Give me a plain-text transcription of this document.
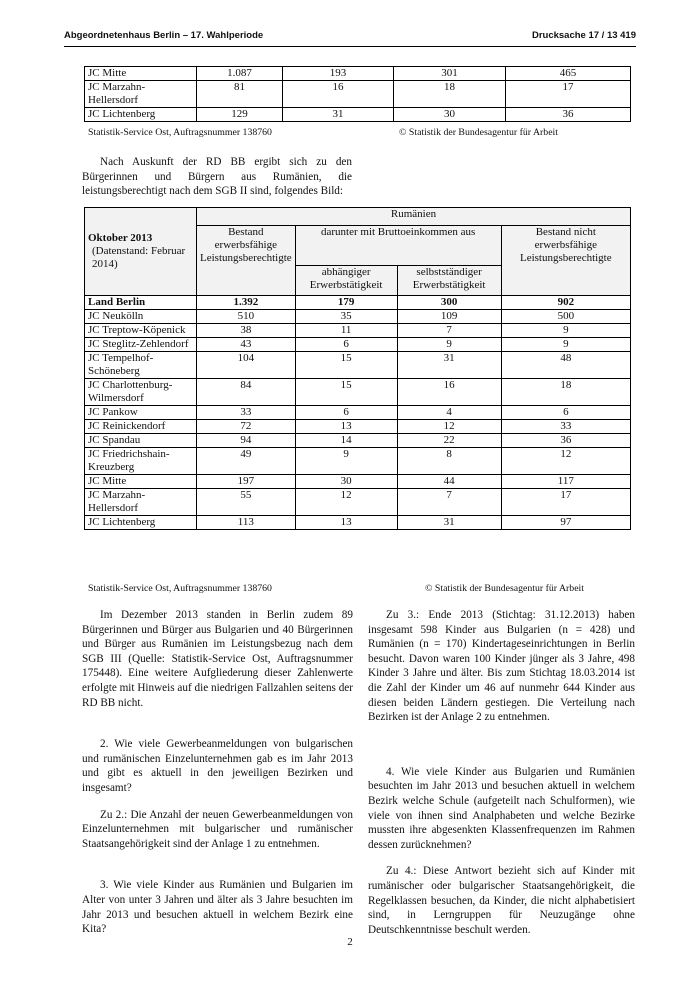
Abgeordnetenhaus Berlin – 17. Wahlperiode	Drucksache 17 / 13 419
JC Mitte	1.087	193	301	465
JC Marzahn-Hellersdorf	81	16	18	17
JC Lichtenberg	129	31	30	36
Statistik-Service Ost, Auftragsnummer 138760	© Statistik der Bundesagentur für Arbeit

Nach Auskunft der RD BB ergibt sich zu den Bürgerinnen und Bürgern aus Rumänien, die leistungsberechtigt nach dem SGB II sind, folgendes Bild:

Oktober 2013
(Datenstand: Februar 2014)	Rumänien			
	Bestand erwerbsfähige Leistungsberechtigte	darunter mit Bruttoeinkommen aus		Bestand nicht erwerbsfähige Leistungsberechtigte
		abhängiger Erwerbstätigkeit	selbstständiger Erwerbstätigkeit	
Land Berlin	1.392	179	300	902
JC Neukölln	510	35	109	500
JC Treptow-Köpenick	38	11	7	9
JC Steglitz-Zehlendorf	43	6	9	9
JC Tempelhof-Schöneberg	104	15	31	48
JC Charlottenburg-Wilmersdorf	84	15	16	18
JC Pankow	33	6	4	6
JC Reinickendorf	72	13	12	33
JC Spandau	94	14	22	36
JC Friedrichshain-Kreuzberg	49	9	8	12
JC Mitte	197	30	44	117
JC Marzahn-Hellersdorf	55	12	7	17
JC Lichtenberg	113	13	31	97
Statistik-Service Ost, Auftragsnummer 138760	© Statistik der Bundesagentur für Arbeit

Im Dezember 2013 standen in Berlin zudem 89 Bürgerinnen und Bürger aus Bulgarien und 40 Bürgerinnen und Bürger aus Rumänien im Leistungsbezug nach dem SGB III (Quelle: Statistik-Service Ost, Auftragsnummer 175448). Eine weitere Aufgliederung dieser Zahlenwerte erfolgte mit Hinweis auf die niedrigen Fallzahlen seitens der RD BB nicht.

2. Wie viele Gewerbeanmeldungen von bulgarischen und rumänischen Einzelunternehmen gab es im Jahr 2013 und gibt es aktuell in den jeweiligen Bezirken und insgesamt?

Zu 2.: Die Anzahl der neuen Gewerbeanmeldungen von Einzelunternehmen mit bulgarischer und rumänischer Staatsangehörigkeit sind der Anlage 1 zu entnehmen.

3. Wie viele Kinder aus Rumänien und Bulgarien im Alter von unter 3 Jahren und älter als 3 Jahre besuchten im Jahr 2013 und besuchen aktuell in welchem Bezirk eine Kita?

Zu 3.: Ende 2013 (Stichtag: 31.12.2013) haben insgesamt 598 Kinder aus Bulgarien (n = 428) und Rumänien (n = 170) Kindertageseinrichtungen in Berlin besucht. Davon waren 100 Kinder jünger als 3 Jahre, 498 Kinder 3 Jahre und älter. Bis zum Stichtag 18.03.2014 ist die Zahl der Kinder um 46 auf nunmehr 644 Kinder aus diesen beiden Ländern gestiegen. Die Verteilung nach Bezirken ist der Anlage 2 zu entnehmen.

4. Wie viele Kinder aus Bulgarien und Rumänien besuchten im Jahr 2013 und besuchen aktuell in welchem Bezirk welche Schule (aufgeteilt nach Schulformen), wie viele von ihnen sind Analphabeten und welche Bezirke mussten ihre abgesenkten Klassenfrequenzen im Rahmen dessen zurücknehmen?

Zu 4.: Diese Antwort bezieht sich auf Kinder mit rumänischer oder bulgarischer Staatsangehörigkeit, die Regelklassen besuchen, da Kinder, die nicht alphabetisiert sind, in Lerngruppen für Neuzugänge ohne Deutschkenntnisse beschult werden.

2
